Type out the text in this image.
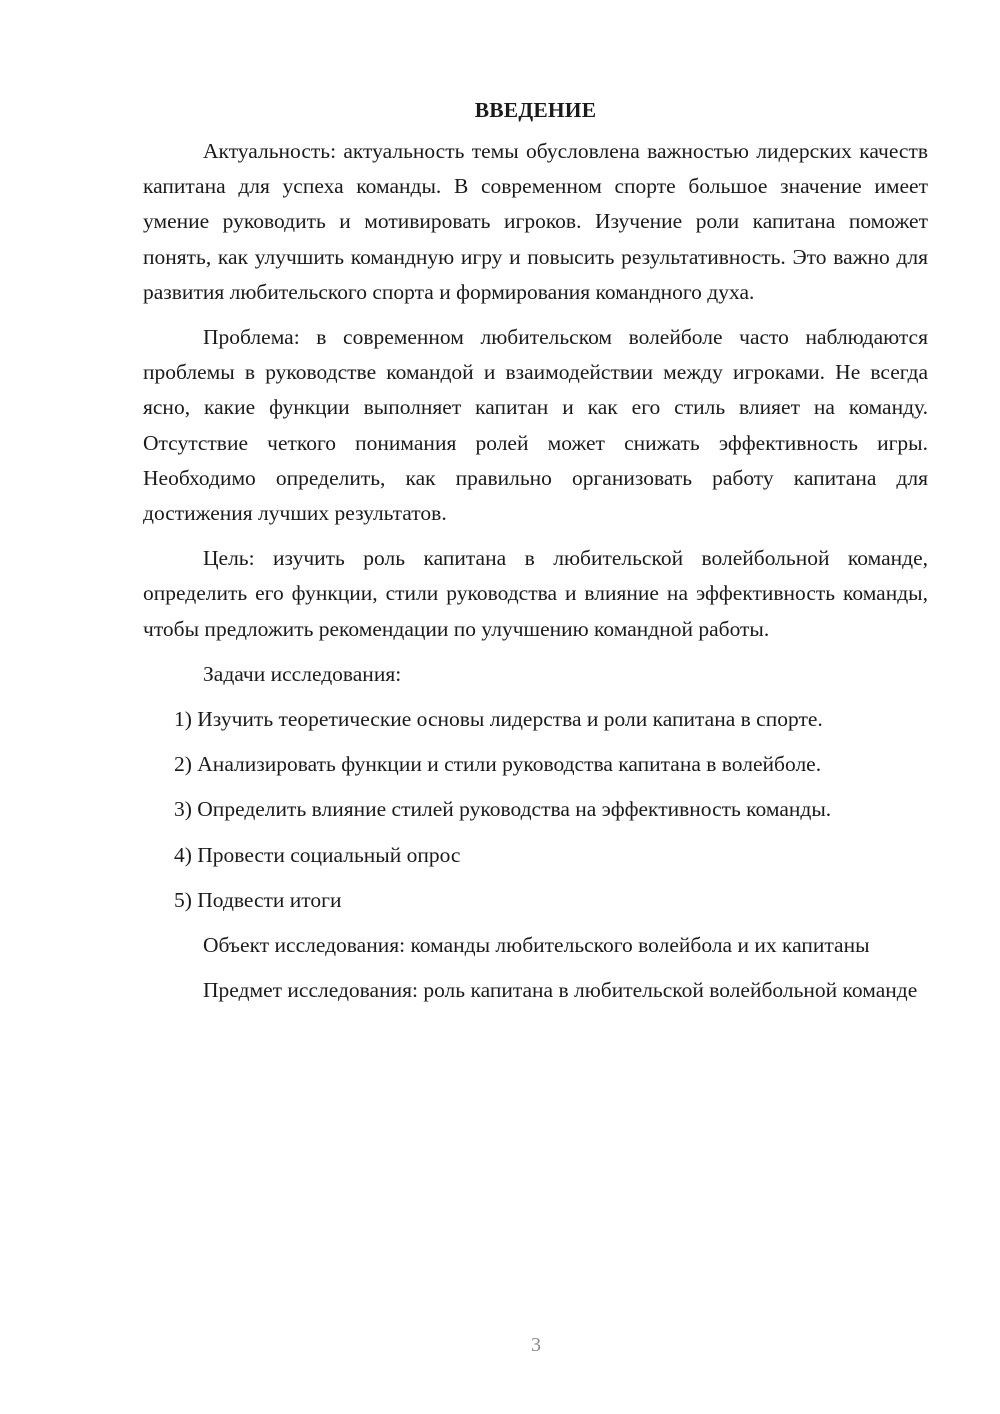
ВВЕДЕНИЕ

Актуальность: актуальность темы обусловлена важностью лидерских качеств капитана для успеха команды. В современном спорте большое значение имеет умение руководить и мотивировать игроков. Изучение роли капитана поможет понять, как улучшить командную игру и повысить результативность. Это важно для развития любительского спорта и формирования командного духа.

Проблема: в современном любительском волейболе часто наблюдаются проблемы в руководстве командой и взаимодействии между игроками. Не всегда ясно, какие функции выполняет капитан и как его стиль влияет на команду. Отсутствие четкого понимания ролей может снижать эффективность игры. Необходимо определить, как правильно организовать работу капитана для достижения лучших результатов.

Цель: изучить роль капитана в любительской волейбольной команде, определить его функции, стили руководства и влияние на эффективность команды, чтобы предложить рекомендации по улучшению командной работы.

Задачи исследования:

1) Изучить теоретические основы лидерства и роли капитана в спорте.

2) Анализировать функции и стили руководства капитана в волейболе.

3) Определить влияние стилей руководства на эффективность команды.

4) Провести социальный опрос

5) Подвести итоги

Объект исследования: команды любительского волейбола и их капитаны

Предмет исследования: роль капитана в любительской волейбольной команде

3
